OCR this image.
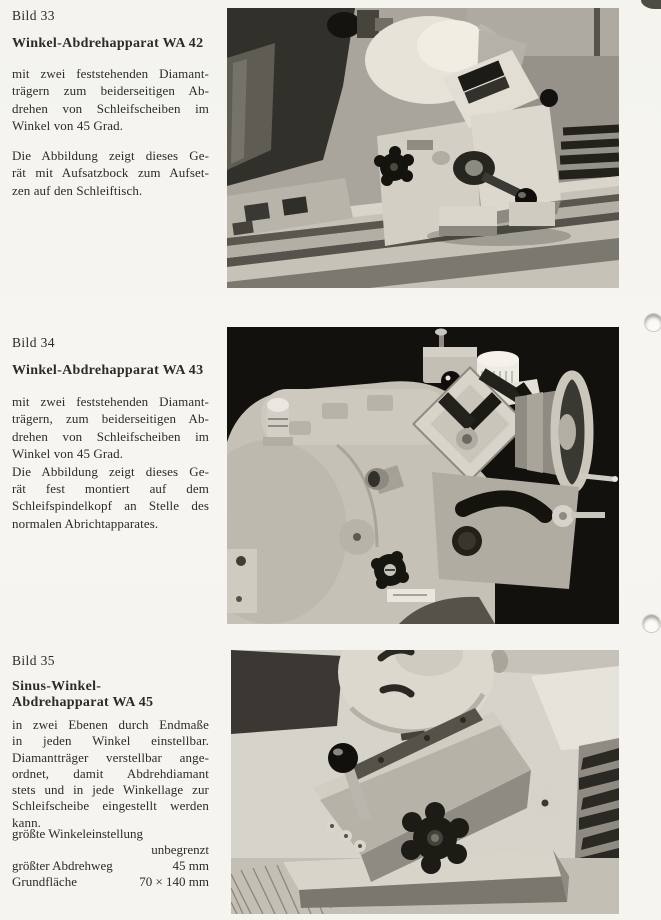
Bild 33
Winkel-Abdrehapparat WA 42
mit zwei feststehenden Diamant-
trägern zum beiderseitigen Ab-
drehen von Schleifscheiben im
Winkel von 45 Grad.
Die Abbildung zeigt dieses Ge-
rät mit Aufsatzbock zum Aufset-
zen auf den Schleiftisch.
Bild 34
Winkel-Abdrehapparat WA 43
mit zwei feststehenden Diamant-
trägern, zum beiderseitigen Ab-
drehen von Schleifscheiben im
Winkel von 45 Grad.
Die Abbildung zeigt dieses Ge-
rät fest montiert auf dem
Schleifspindelkopf an Stelle des
normalen Abrichtapparates.
Bild 35
Sinus-Winkel-
Abdrehapparat WA 45
in zwei Ebenen durch Endmaße
in jeden Winkel einstellbar.
Diamantträger verstellbar ange-
ordnet, damit Abdrehdiamant
stets und in jede Winkellage zur
Schleifscheibe eingestellt werden
kann.
größte Winkeleinstellung
unbegrenzt
größter Abdrehweg	45 mm
Grundfläche	70 × 140 mm
